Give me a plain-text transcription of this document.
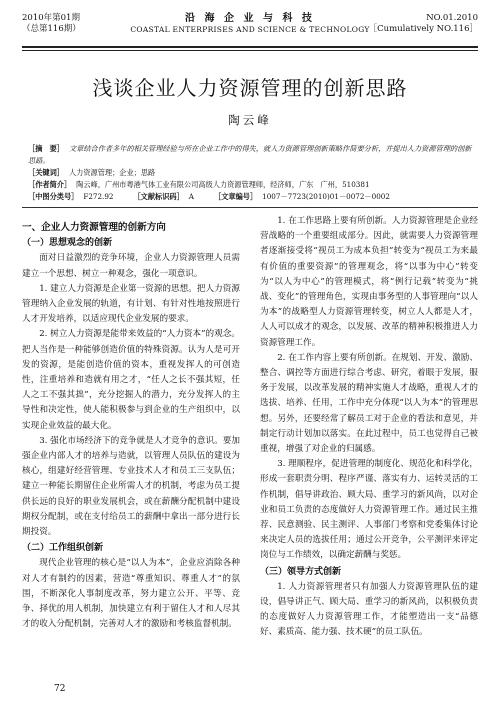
2010年第01期
（总第116期）
沿 海 企 业 与 科 技
COASTAL ENTERPRISES AND SCIENCE & TECHNOLOGY
NO.01.2010
［Cumulatively NO.116］
浅谈企业人力资源管理的创新思路
陶云峰
［摘　要］ 文章结合作者多年的相关管理经验与所在企业工作中的得失，就人力资源管理创新策略作简要分析，并提出人力资源管理的创新思路。
［关键词］ 人力资源管理；企业；思路
［作者简介］ 陶云峰，广州市粤港气体工业有限公司高级人力资源管理师，经济师，广东　广州，510381
［中图分类号］ F272.92	［文献标识码］ A	［文章编号］ 1007－7723(2010)01－0072－0002
一、企业人力资源管理的创新方向
（一）思想观念的创新

面对日益激烈的竞争环境，企业人力资源管理人员需建立一个思想、树立一种观念，强化一项意识。

1. 建立人力资源是企业第一资源的思想。把人力资源管理纳入企业发展的轨道，有计划、有针对性地按照进行人才开发培养，以适应现代企业发展的要求。

2. 树立人力资源是能带来效益的“人力资本”的观念。把人当作是一种能够创造价值的特殊资源。认为人是可开发的资源，是能创造价值的资本，重视发挥人的可创造性，注重培养和造就有用之才，“任人之长不强其短，任人之工不强其拙”，充分挖掘人的潜力，充分发挥人的主导性和决定性，使人能积极参与到企业的生产组织中，以实现企业效益的最大化。

3. 强化市场经济下的竞争就是人才竞争的意识。要加强企业内部人才的培养与造就，以管理人员队伍的建设为核心，组建好经营管理、专业技术人才和员工三支队伍；建立一种能长期留住企业所需人才的机制，考虑为员工提供长远的良好的职业发展机会，或在薪酬分配机制中建设期权分配制，或在支付给员工的薪酬中拿出一部分进行长期投资。

（二）工作组织创新

现代企业管理的核心是“以人为本”，企业应消除各种对人才有制约的因素，营造“尊重知识、尊重人才”的氛围，不断深化人事制度改革，努力建立公开、平等、竞争、择优的用人机制，加快建立有利于留住人才和人尽其才的收入分配机制，完善对人才的激励和考核监督机制。

1. 在工作思路上要有所创新。人力资源管理是企业经营战略的一个重要组成部分。因此，就需要人力资源管理者逐渐接受将“视员工为成本负担”转变为“视员工为来最有价值的重要资源”的管理观念，将“以事为中心”转变为“以人为中心”的管理模式，将“例行记载”转变为“挑战、变化”的管理角色，实现由事务型的人事管理向“以人为本”的战略型人力资源管理转变，树立人人都是人才，人人可以成才的观念，以发展、改革的精神积极推进人力资源管理工作。

2. 在工作内容上要有所创新。在规划、开发、激励、整合、调控等方面进行综合考虑、研究，着眼于发展，服务于发展，以改革发展的精神实施人才战略，重视人才的选拔、培养、任用，工作中充分体现“以人为本”的管理思想。另外，还要经常了解员工对于企业的看法和意见，并制定行动计划加以落实。在此过程中，员工也觉得自己被重视，增强了对企业的归属感。

3. 理顺程序，促进管理的制度化、规范化和科学化，形成一套职责分明、程序严谨、落实有力、运转灵活的工作机制，倡导讲政治、顾大局、重学习的新风尚，以对企业和员工负责的态度做好人力资源管理工作。通过民主推荐、民意测验、民主测评、人事部门考察和党委集体讨论来决定人员的选拔任用；通过公开竞争，公平测评来评定岗位与工作绩效，以确定薪酬与奖惩。

（三）领导方式创新

1. 人力资源管理者只有加强人力资源管理队伍的建设，倡导讲正气、顾大局、重学习的新风尚，以积极负责的态度做好人力资源管理工作，才能塑造出一支“品德好、素质高、能力强、技术硬”的员工队伍。

72
